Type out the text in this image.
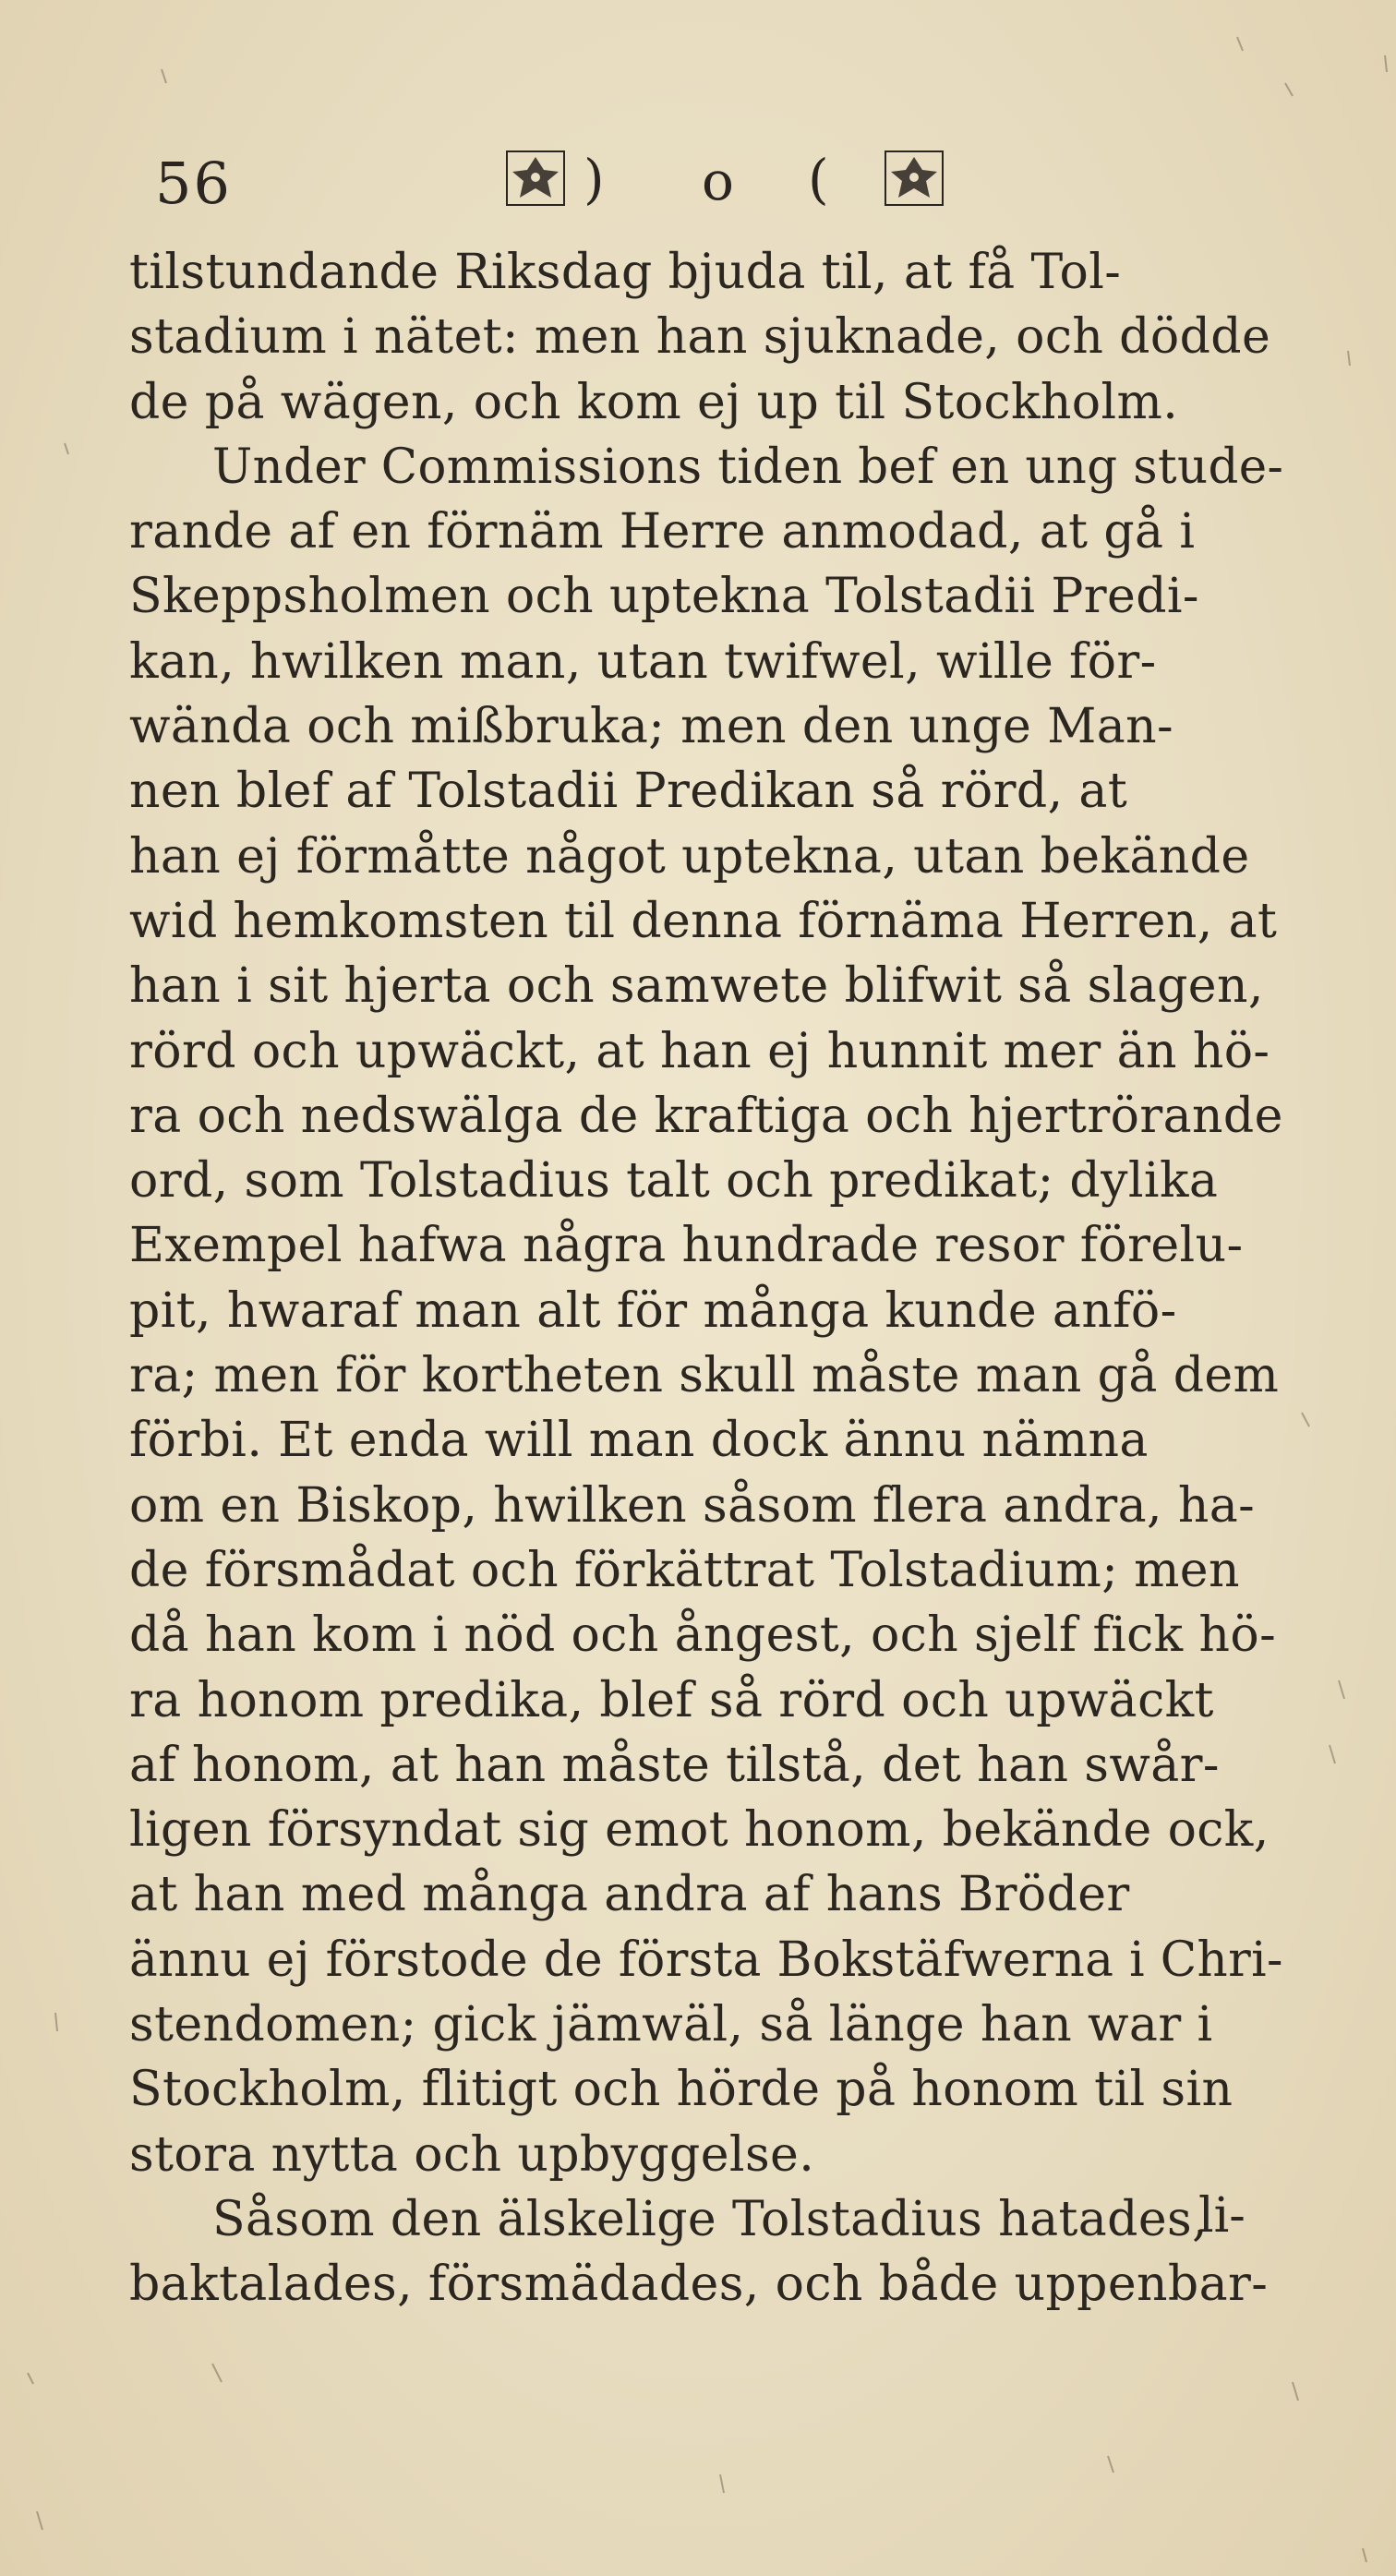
56	) o (
tilstundande Riksdag bjuda til, at få Tol-
stadium i nätet: men han sjuknade, och dödde
de på wägen, och kom ej up til Stockholm.
Under Commissions tiden bef en ung stude-
rande af en förnäm Herre anmodad, at gå i
Skeppsholmen och uptekna Tolstadii Predi-
kan, hwilken man, utan twifwel, wille för-
wända och mißbruka; men den unge Man-
nen blef af Tolstadii Predikan så rörd, at
han ej förmåtte något uptekna, utan bekände
wid hemkomsten til denna förnäma Herren, at
han i sit hjerta och samwete blifwit så slagen,
rörd och upwäckt, at han ej hunnit mer än hö-
ra och nedswälga de kraftiga och hjertrörande
ord, som Tolstadius talt och predikat; dylika
Exempel hafwa några hundrade resor förelu-
pit, hwaraf man alt för många kunde anfö-
ra; men för kortheten skull måste man gå dem
förbi. Et enda will man dock ännu nämna
om en Biskop, hwilken såsom flera andra, ha-
de försmådat och förkättrat Tolstadium; men
då han kom i nöd och ångest, och sjelf fick hö-
ra honom predika, blef så rörd och upwäckt
af honom, at han måste tilstå, det han swår-
ligen försyndat sig emot honom, bekände ock,
at han med många andra af hans Bröder
ännu ej förstode de första Bokstäfwerna i Chri-
stendomen; gick jämwäl, så länge han war i
Stockholm, flitigt och hörde på honom til sin
stora nytta och upbyggelse.
Såsom den älskelige Tolstadius hatades,
baktalades, försmädades, och både uppenbar-
li-
